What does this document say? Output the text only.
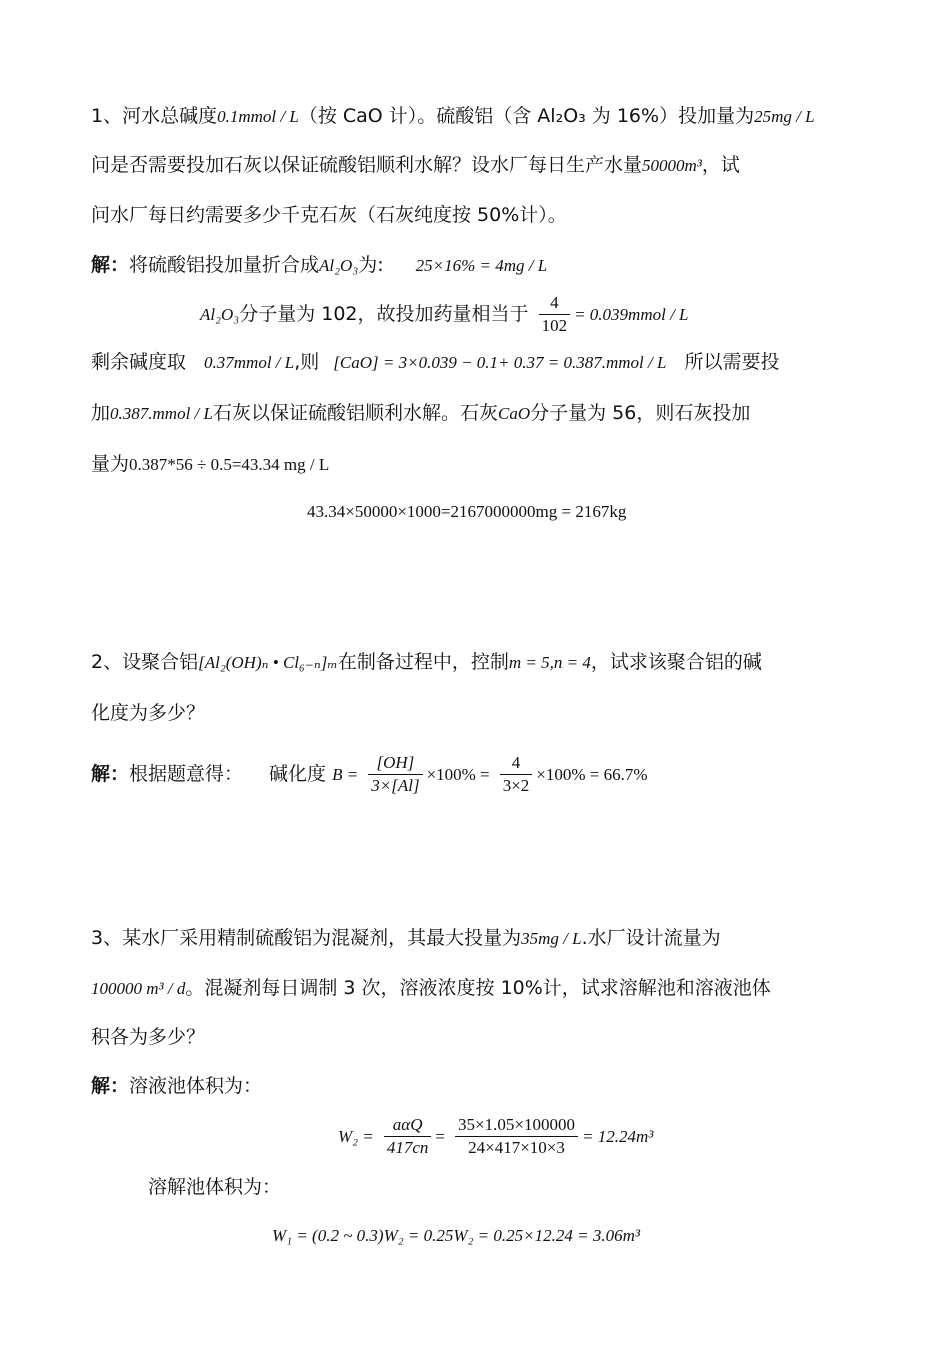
1、河水总碱度0.1mmol / L（按 CaO 计）。硫酸铝（含 Al₂O₃ 为 16%）投加量为25mg / L
问是否需要投加石灰以保证硫酸铝顺利水解？设水厂每日生产水量50000m³，试
问水厂每日约需要多少千克石灰（石灰纯度按 50%计）。
解：将硫酸铝投加量折合成Al₂O₃为: 25×16% = 4mg / L
Al₂O₃分子量为 102，故投加药量相当于 $\frac{4}{102}$ = 0.039mmol / L
剩余碱度取 0.37mmol / L,则 [CaO] = 3×0.039 − 0.1+ 0.37 = 0.387.mmol / L 所以需要投
加0.387.mmol / L石灰以保证硫酸铝顺利水解。石灰CaO分子量为 56，则石灰投加
量为0.387*56 ÷ 0.5=43.34 mg / L
43.34×50000×1000=2167000000mg = 2167kg
2、设聚合铝[Al₂(OH)ₙ • Cl₆₋ₙ]ₘ在制备过程中，控制m = 5,n = 4，试求该聚合铝的碱
化度为多少？
解：根据题意得： 碱化度 $B = \frac{[OH]}{3\times[Al]} \times 100\% = \frac{4}{3\times 2} \times 100\% = 66.7\%$
3、某水厂采用精制硫酸铝为混凝剂，其最大投量为35mg / L.水厂设计流量为
100000 m³ / d。混凝剂每日调制 3 次，溶液浓度按 10%计，试求溶解池和溶液池体
积各为多少？
解：溶液池体积为：
$W_2 = \frac{\text{aαQ}}{417cn} = \frac{35\times 1.05\times 100000}{24\times 417\times 10\times 3} = 12.24m^3$
溶解池体积为：
W₁ = (0.2 ~ 0.3)W₂ = 0.25W₂ = 0.25×12.24 = 3.06m³
